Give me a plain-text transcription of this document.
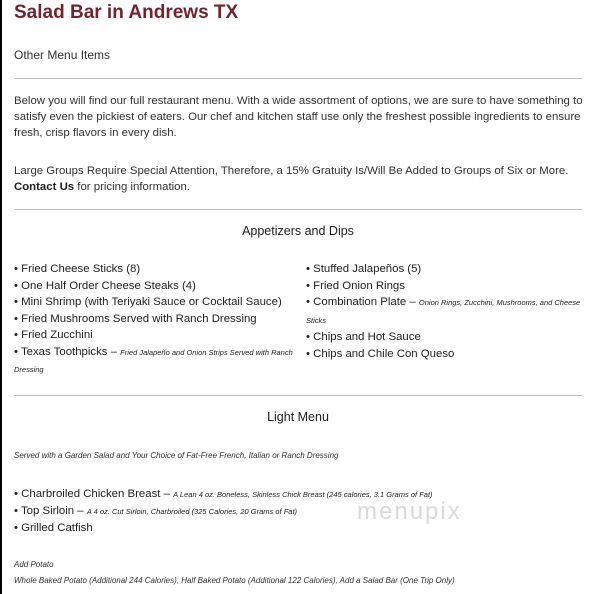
Salad Bar in Andrews TX
Other Menu Items
Below you will find our full restaurant menu. With a wide assortment of options, we are sure to have something to satisfy even the pickiest of eaters. Our chef and kitchen staff use only the freshest possible ingredients to ensure fresh, crisp flavors in every dish.
Large Groups Require Special Attention, Therefore, a 15% Gratuity Is/Will Be Added to Groups of Six or More. Contact Us for pricing information.
Appetizers and Dips
• Fried Cheese Sticks (8)
• One Half Order Cheese Steaks (4)
• Mini Shrimp (with Teriyaki Sauce or Cocktail Sauce)
• Fried Mushrooms Served with Ranch Dressing
• Fried Zucchini
• Texas Toothpicks – Fried Jalapeño and Onion Strips Served with Ranch Dressing
• Stuffed Jalapeños (5)
• Fried Onion Rings
• Combination Plate – Onion Rings, Zucchini, Mushrooms, and Cheese Sticks
• Chips and Hot Sauce
• Chips and Chile Con Queso
Light Menu
Served with a Garden Salad and Your Choice of Fat-Free French, Italian or Ranch Dressing
• Charbroiled Chicken Breast – A Lean 4 oz. Boneless, Skinless Chick Breast (245 calories, 3.1 Grams of Fat)
• Top Sirloin – A 4 oz. Cut Sirloin, Charbroiled (325 Calories, 20 Grams of Fat)
• Grilled Catfish
Add Potato
Whole Baked Potato (Additional 244 Calories), Half Baked Potato (Additional 122 Calories), Add a Salad Bar (One Trip Only)
menupix
